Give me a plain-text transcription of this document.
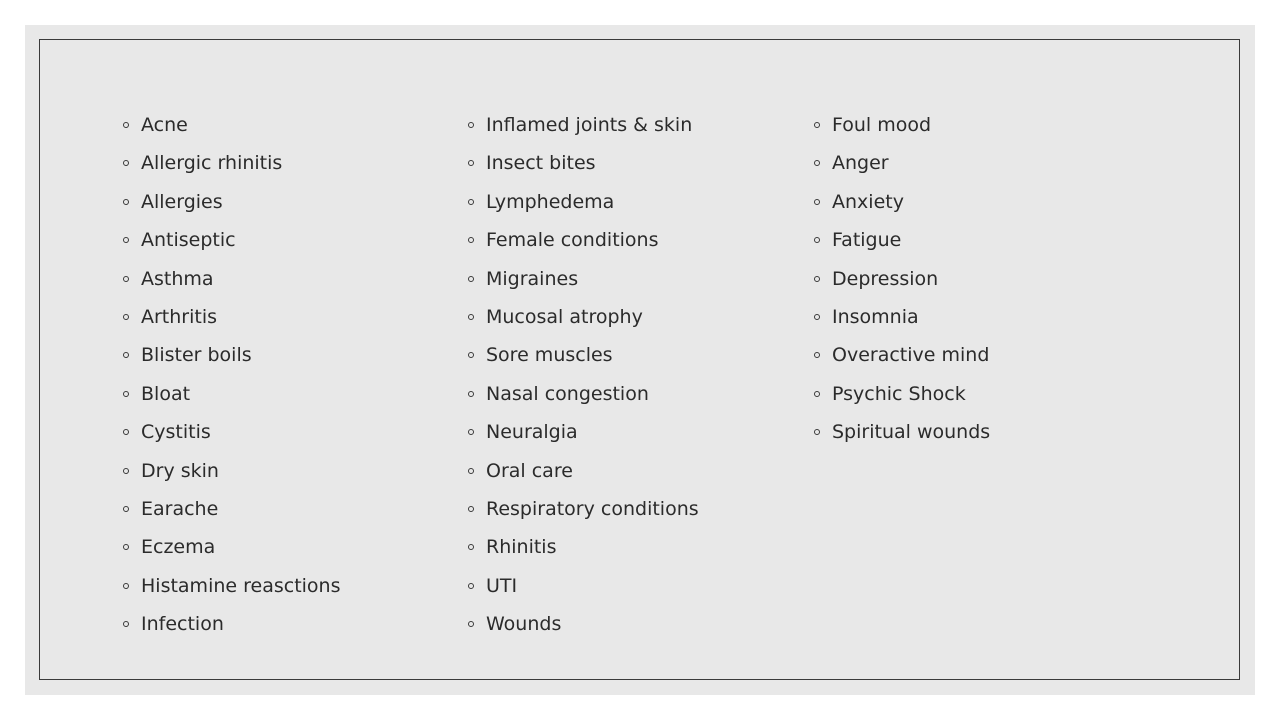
Acne
Allergic rhinitis
Allergies
Antiseptic
Asthma
Arthritis
Blister boils
Bloat
Cystitis
Dry skin
Earache
Eczema
Histamine reasctions
Infection
Inflamed joints & skin
Insect bites
Lymphedema
Female conditions
Migraines
Mucosal atrophy
Sore muscles
Nasal congestion
Neuralgia
Oral care
Respiratory conditions
Rhinitis
UTI
Wounds
Foul mood
Anger
Anxiety
Fatigue
Depression
Insomnia
Overactive mind
Psychic Shock
Spiritual wounds
